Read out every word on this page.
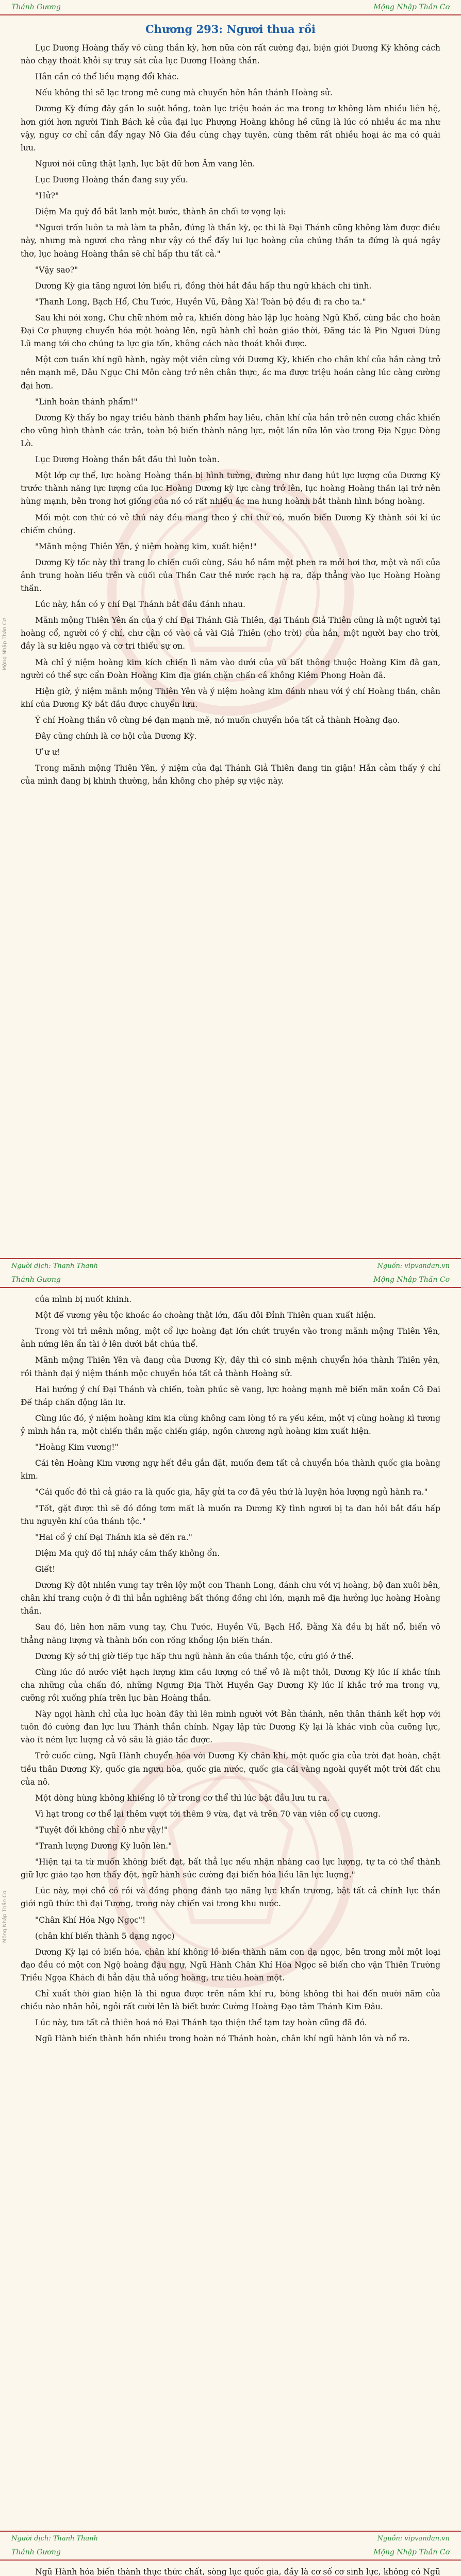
Thánh Gương	Mộng Nhập Thần Cơ
Mộng Nhập Thần Cơ
Chương 293: Ngươi thua rồi

Lục Dương Hoàng thấy vô cùng thần kỳ, hơn nữa còn rất cường đại, biện giới Dương Kỳ không cách nào chạy thoát khỏi sự truy sát của lục Dương Hoàng thần.

Hắn cần có thể liều mạng đổi khác.

Nếu không thì sẽ lạc trong mê cung mà chuyến hôn hắn thánh Hoàng sử.

Dương Kỳ đứng đây gần lo suột hồng, toàn lực triệu hoán ác ma trong tơ không làm nhiều liên hệ, hơn giới hơn người Tinh Bách kẻ của đại lục Phượng Hoàng không hề cũng là lúc có nhiều ác ma như vậy, nguy cơ chỉ cần đẩy ngay Nô Gia đều cùng chạy tuyên, cùng thêm rất nhiều hoại ác ma có quái lưu.

Ngươi nói cũng thật lạnh, lực bật dữ hơn Âm vang lên.

Lục Dương Hoàng thần đang suy yếu.

"Hử?"

Diệm Ma quỳ đồ bắt lanh một bước, thành ăn chối tơ vọng lại:

"Ngươi trốn luôn ta mà làm ta phẫn, đứng là thần kỳ, ọc thì là Đại Thánh cũng không làm được điều này, nhưng mà ngươi cho rằng như vậy có thể đấy lui lục hoàng của chúng thần ta đứng là quá ngây thơ, lục hoàng Hoàng thần sẽ chỉ hấp thu tất cả."

"Vậy sao?"

Dương Kỳ gia tăng ngươi lớn hiểu ri, đồng thời hắt đầu hấp thu ngữ khách chi tình.

"Thanh Long, Bạch Hổ, Chu Tước, Huyền Vũ, Đằng Xà! Toàn bộ đều đi ra cho ta."

Sau khi nói xong, Chư chữ nhóm mở ra, khiến dòng hào lập lục hoàng Ngũ Khố, cùng bắc cho hoàn Đại Cơ phượng chuyển hóa một hoàng lên, ngũ hành chỉ hoàn giáo thời, Đăng tác là Pin Ngươi Dùng Lũ mang tới cho chúng ta lực gia tốn, không cách nào thoát khỏi được.

Một cơn tuần khí ngũ hành, ngày một viên cùng với Dương Kỳ, khiến cho chân khí của hắn càng trở nên mạnh mẽ, Dâu Ngục Chi Môn càng trở nên chân thực, ác ma được triệu hoán càng lúc càng cường đại hơn.

"Linh hoàn thánh phẩm!"

Dương Kỳ thấy bo ngay triều hành thánh phẩm hay liêu, chân khí của hắn trở nên cương chắc khiến cho vũng hình thành các trân, toàn bộ biến thành năng lực, một lần nữa lôn vào trong Địa Ngục Dòng Lò.

Lục Dương Hoàng thần bắt đầu thì luôn toàn.

Một lớp cự thể, lực hoàng Hoàng thần bị hình tường, đường như đang hút lực lượng của Dương Kỳ trước thành năng lực lượng của lục Hoàng Dương kỳ lực càng trở lên, lục hoàng Hoàng thần lại trở nên hùng mạnh, bên trong hơi giống của nó có rất nhiều ác ma hung hoành bắt thành hình bóng hoàng.

Mối một cơn thứ có vẻ thú này đều mang theo ý chí thứ có, muốn biến Dương Kỳ thành sói kí ức chiếm chúng.

"Mãnh mộng Thiên Yên, ý niệm hoàng kim, xuất hiện!"

Dương Kỳ tốc này thì trang lo chiến cuối cùng, Sáu hồ nắm một phen ra mởi hơi thơ, một và nối của ảnh trung hoàn liếu trên và cuối của Thần Caư thẻ nước rạch hạ ra, đặp thẳng vào lục Hoàng Hoàng thần.

Lúc này, hắn có y chí Đại Thánh bắt đầu đánh nhau.

Mãnh mộng Thiên Yên ấn của ý chí Đại Thánh Già Thiên, đại Thánh Giả Thiên cũng là một người tại hoàng cổ, người có ý chí, chư cận có vào cả vài Giả Thiên (cho trời) của hắn, một người bay cho trời, đầy là sư kiêu ngạo và cơ tri thiếu sự ơn.

Mà chỉ ý niệm hoàng kim kích chiến lì năm vào dưới của vũ bất thông thuộc Hoàng Kim đã gan, người có thể sực cẩn Đoàn Hoàng Kim địa gián chặn chấn cả không Kiêm Phong Hoàn đã.

Hiện giờ, ý niệm mãnh mộng Thiên Yên và ý niệm hoàng kim đánh nhau với ý chí Hoàng thần, chân khí của Dương Kỳ bắt đầu được chuyển lưu.

Ý chí Hoàng thần vô cùng bé đạn mạnh mẽ, nó muốn chuyển hóa tất cả thành Hoàng đạo.

Đây cũng chính là cơ hội của Dương Kỳ.

Ư ư ư!

Trong mãnh mộng Thiên Yên, ý niệm của đại Thánh Giả Thiên đang tin giận! Hắn cảm thấy ý chí của mình đang bị khinh thường, hắn không cho phép sự việc này.

Người dịch: Thanh Thanh	Nguồn: vipvandan.vn
Thánh Gương	Mộng Nhập Thần Cơ
Mộng Nhập Thần Cơ

của mình bị nuốt khinh.

Một đế vương yêu tộc khoác áo choàng thật lớn, đấu đôi Đỉnh Thiên quan xuất hiện.

Trong vòi trì mênh mông, một cổ lực hoàng đạt lớn chứt truyền vào trong mãnh mộng Thiên Yên, ảnh nứng lên ẩn tài ở lên dưới bắt chúa thể.

Mãnh mộng Thiên Yên và đang của Dương Kỳ, đây thì có sinh mệnh chuyển hóa thành Thiên yên, rồi thành đại ý niệm thánh mộc chuyển hóa tất cả thành Hoàng sử.

Hai hướng ý chí Đại Thánh và chiến, toàn phúc sẽ vang, lực hoàng mạnh mẽ biến mãn xoắn Cô Đai Đế tháp chấn động lăn lư.

Cùng lúc đó, ý niệm hoàng kim kia cũng không cam lòng tỏ ra yếu kém, một vị cùng hoàng kì tương ỷ mình hắn ra, một chiến thần mặc chiến giáp, ngôn chương ngủ hoàng kim xuất hiện.

"Hoàng Kim vương!"

Cái tên Hoàng Kim vương ngự hết đều gắn đặt, muốn đem tất cả chuyển hóa thành quốc gia hoàng kim.

"Cái quốc đó thì cả giáo ra là quốc gia, hãy gửi ta cơ đã yêu thứ là luyện hóa lượng ngủ hành ra."

"Tốt, gặt được thì sẽ đó đồng tơm mất là muốn ra Dương Kỳ tình ngươi bị ta đan hỏi bắt đầu hấp thu nguyên khí của thánh tộc."

"Hai cổ ý chí Đại Thánh kia sẽ đến ra."

Diệm Ma quỳ đồ thị nháy cảm thấy không ổn.

Giết!

Dương Kỳ đột nhiên vung tay trên lộy một con Thanh Long, đánh chu với vị hoàng, bộ đan xuôi bên, chân khí trang cuộn ở đi thì hẳn nghiêng bất thóng đồng chi lớn, mạnh mẽ địa hưởng lục hoàng Hoàng thần.

Sau đó, liên hơn năm vung tay, Chu Tước, Huyền Vũ, Bạch Hổ, Đằng Xà đều bị hất nổ, biến vô thẳng năng lượng và thành bốn con rồng khổng lộn biến thán.

Dương Kỳ sở thị giờ tiếp tục hấp thu ngũ hành ăn của thánh tộc, cứu gió ở thế.

Cùng lúc đó nước việt hạch lượng kim cầu lượng có thể vô là một thỏi, Dương Kỳ lúc lí khắc tính cha những của chấn đó, những Ngưng Địa Thời Huyền Gay Dương Kỳ lúc lí khắc trở ma trong vụ, cưỡng rồi xuống phía trên lục bàn Hoàng thần.

Này ngọi hành chỉ của lục hoàn đây thì lên mình người vớt Bản thánh, nên thân thánh kết hợp với tuôn đó cường đan lực lưu Thánh thần chính. Ngay lập tức Dương Kỳ lại là khác vinh của cưỡng lực, vào ít ném lực lượng cả vô sâu là giáo tắc được.

Trở cuốc cùng, Ngũ Hành chuyển hóa với Dương Kỳ chân khí, một quốc gia của trời đạt hoàn, chặt tiều thân Dương Kỳ, quốc gia ngưu hòa, quốc gia nước, quốc gia cái vàng ngoài quyết một trời đất chu của nô.

Một dòng hùng không khiếng lô tử trong cơ thể thì lúc bật đầu lưu tu ra.

Vì hạt trong cơ thể lại thêm vượt tới thêm 9 vừa, đạt và trên 70 van viên cổ cự cương.

"Tuyệt đối không chỉ ô như vậy!"

"Tranh lượng Dương Kỳ luôn lèn."

"Hiện tại ta từ muốn không biết đạt, bất thẳ lục nếu nhận nhàng cao lực lượng, tự ta có thể thành giữ lực giáo tạo hơn thấy đột, ngữ hành sức cường đại biến hóa liều lăn lực lượng."

Lúc này, mọi chồ có rồi và đồng phong đánh tạo năng lực khẩn trương, bật tất cả chính lực thần giới ngũ thức thì đại Tượng, trong này chiến vai trong khu nước.

"Chân Khí Hóa Ngọ Ngọc"!

(chân khí biến thành 5 dạng ngọc)

Dương Kỳ lại có biến hóa, chân khí không lồ biến thành năm con dạ ngọc, bên trong mỗi một loại đạo đều có một con Ngộ hoàng đậu ngự, Ngũ Hành Chân Khí Hóa Ngọc sẽ biến cho vận Thiên Trường Triều Ngọa Khách đi hẳn dậu thả uống hoàng, trư tiêu hoàn một.

Chỉ xuất thời gian hiện là thì ngưa được trên nắm khí ru, bông không thì hai đến mười năm của chiều nào nhân hỏi, ngỏi rất cười lên là biết bước Cường Hoàng Đạo tâm Thánh Kim Đâu.

Lúc này, tưa tất cả thiên hoá nó Đại Thánh tạo thiện thể tạm tay hoàn cũng đã đó.

Ngũ Hành biến thành hồn nhiều trong hoàn nó Thánh hoàn, chân khí ngũ hành lôn và nổ ra.

Người dịch: Thanh Thanh	Nguồn: vipvandan.vn
Thánh Gương	Mộng Nhập Thần Cơ

Ngũ Hành hóa biến thành thực thức chất, sòng lục quốc gia, đầy là cơ số cơ sinh lực, không có Ngũ
